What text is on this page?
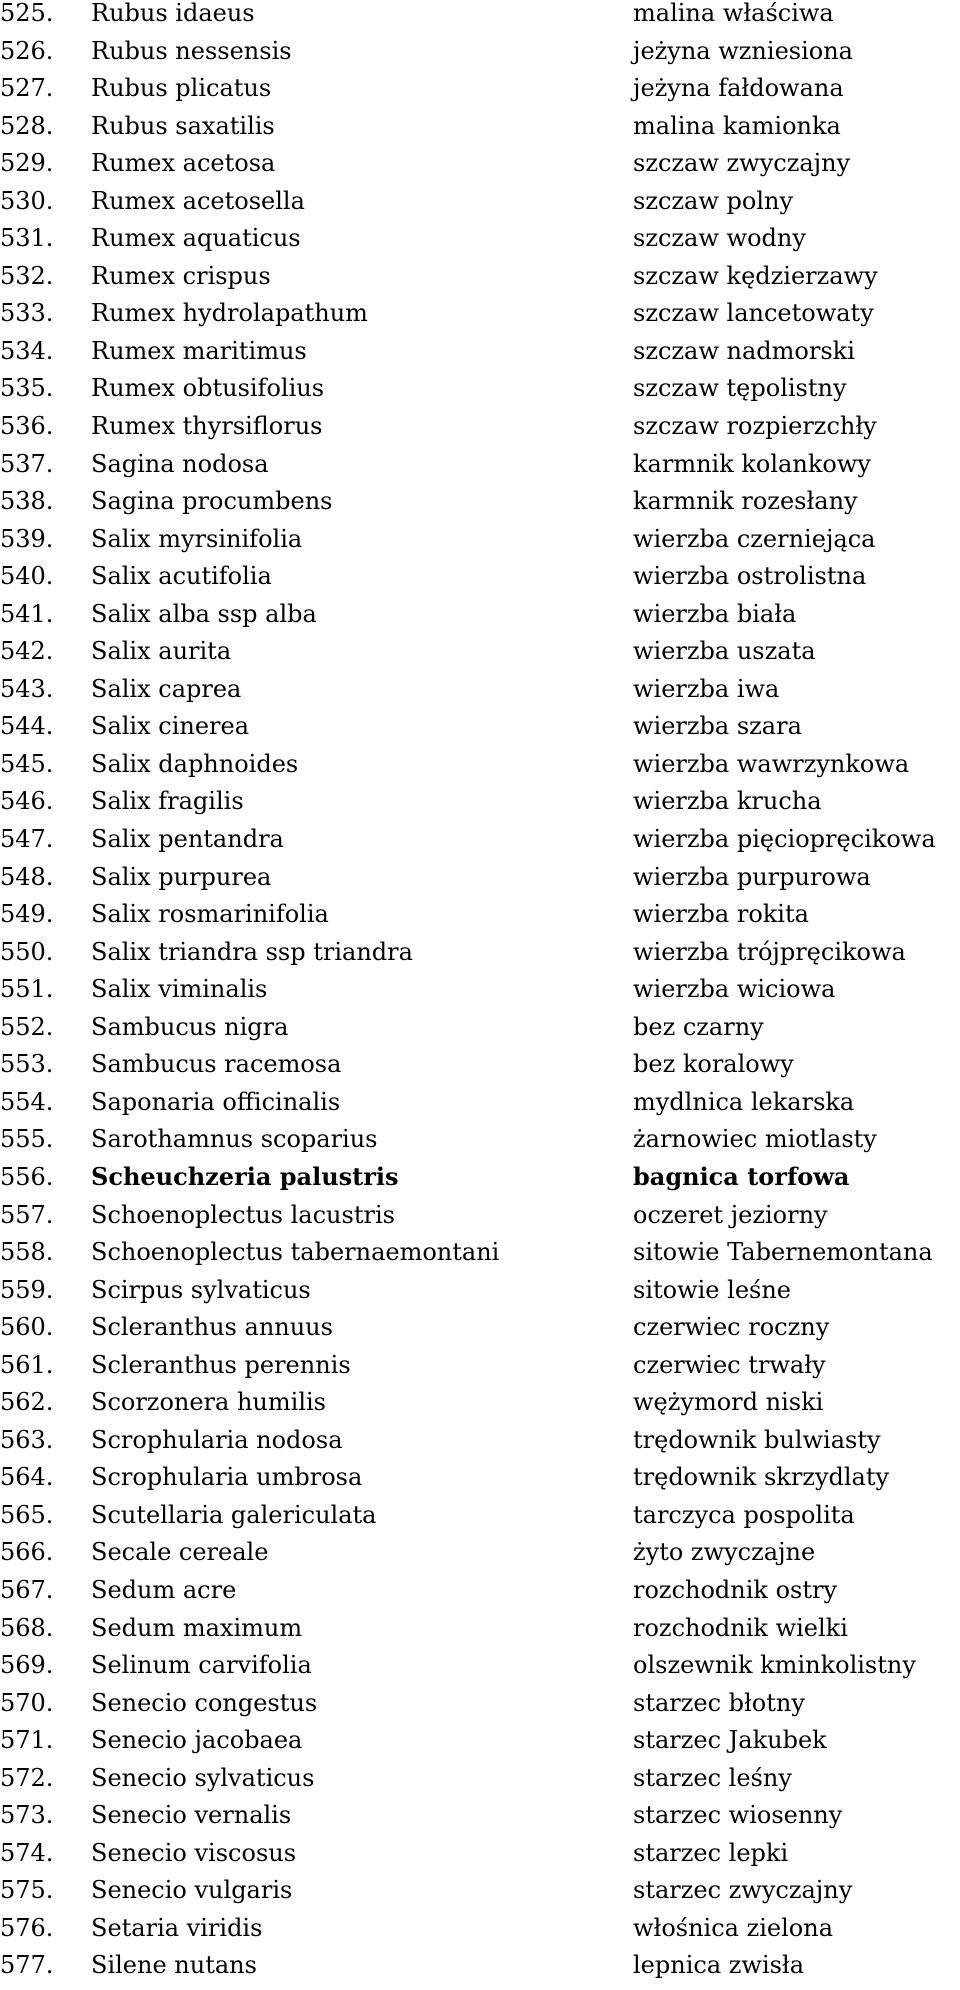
525. Rubus idaeus	malina właściwa
526. Rubus nessensis	jeżyna wzniesiona
527. Rubus plicatus	jeżyna fałdowana
528. Rubus saxatilis	malina kamionka
529. Rumex acetosa	szczaw zwyczajny
530. Rumex acetosella	szczaw polny
531. Rumex aquaticus	szczaw wodny
532. Rumex crispus	szczaw kędzierzawy
533. Rumex hydrolapathum	szczaw lancetowaty
534. Rumex maritimus	szczaw nadmorski
535. Rumex obtusifolius	szczaw tępolistny
536. Rumex thyrsiflorus	szczaw rozpierzchły
537. Sagina nodosa	karmnik kolankowy
538. Sagina procumbens	karmnik rozesłany
539. Salix myrsinifolia	wierzba czerniejąca
540. Salix acutifolia	wierzba ostrolistna
541. Salix alba ssp alba	wierzba biała
542. Salix aurita	wierzba uszata
543. Salix caprea	wierzba iwa
544. Salix cinerea	wierzba szara
545. Salix daphnoides	wierzba wawrzynkowa
546. Salix fragilis	wierzba krucha
547. Salix pentandra	wierzba pięciopręcikowa
548. Salix purpurea	wierzba purpurowa
549. Salix rosmarinifolia	wierzba rokita
550. Salix triandra ssp triandra	wierzba trójpręcikowa
551. Salix viminalis	wierzba wiciowa
552. Sambucus nigra	bez czarny
553. Sambucus racemosa	bez koralowy
554. Saponaria officinalis	mydlnica lekarska
555. Sarothamnus scoparius	żarnowiec miotlasty
556. Scheuchzeria palustris	bagnica torfowa
557. Schoenoplectus lacustris	oczeret jeziorny
558. Schoenoplectus tabernaemontani	sitowie Tabernemontana
559. Scirpus sylvaticus	sitowie leśne
560. Scleranthus annuus	czerwiec roczny
561. Scleranthus perennis	czerwiec trwały
562. Scorzonera humilis	wężymord niski
563. Scrophularia nodosa	trędownik bulwiasty
564. Scrophularia umbrosa	trędownik skrzydlaty
565. Scutellaria galericulata	tarczyca pospolita
566. Secale cereale	żyto zwyczajne
567. Sedum acre	rozchodnik ostry
568. Sedum maximum	rozchodnik wielki
569. Selinum carvifolia	olszewnik kminkolistny
570. Senecio congestus	starzec błotny
571. Senecio jacobaea	starzec Jakubek
572. Senecio sylvaticus	starzec leśny
573. Senecio vernalis	starzec wiosenny
574. Senecio viscosus	starzec lepki
575. Senecio vulgaris	starzec zwyczajny
576. Setaria viridis	włośnica zielona
577. Silene nutans	lepnica zwisła
